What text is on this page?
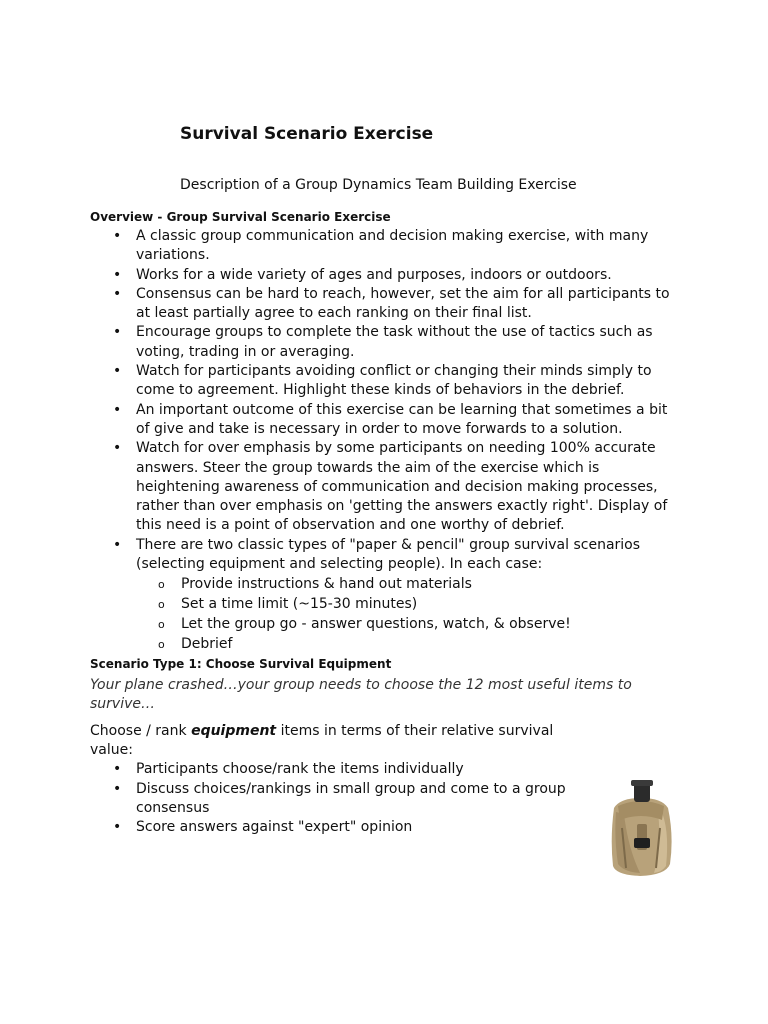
Survival Scenario Exercise

Description of a Group Dynamics Team Building Exercise

Overview - Group Survival Scenario Exercise

• A classic group communication and decision making exercise, with many variations.
• Works for a wide variety of ages and purposes, indoors or outdoors.
• Consensus can be hard to reach, however, set the aim for all participants to at least partially agree to each ranking on their final list.
• Encourage groups to complete the task without the use of tactics such as voting, trading in or averaging.
• Watch for participants avoiding conflict or changing their minds simply to come to agreement. Highlight these kinds of behaviors in the debrief.
• An important outcome of this exercise can be learning that sometimes a bit of give and take is necessary in order to move forwards to a solution.
• Watch for over emphasis by some participants on needing 100% accurate answers. Steer the group towards the aim of the exercise which is heightening awareness of communication and decision making processes, rather than over emphasis on 'getting the answers exactly right'. Display of this need is a point of observation and one worthy of debrief.
• There are two classic types of "paper & pencil" group survival scenarios (selecting equipment and selecting people). In each case:
o Provide instructions & hand out materials
o Set a time limit (~15-30 minutes)
o Let the group go - answer questions, watch, & observe!
o Debrief

Scenario Type 1: Choose Survival Equipment

Your plane crashed…your group needs to choose the 12 most useful items to survive…

Choose / rank equipment items in terms of their relative survival value:

• Participants choose/rank the items individually
• Discuss choices/rankings in small group and come to a group consensus
• Score answers against "expert" opinion
